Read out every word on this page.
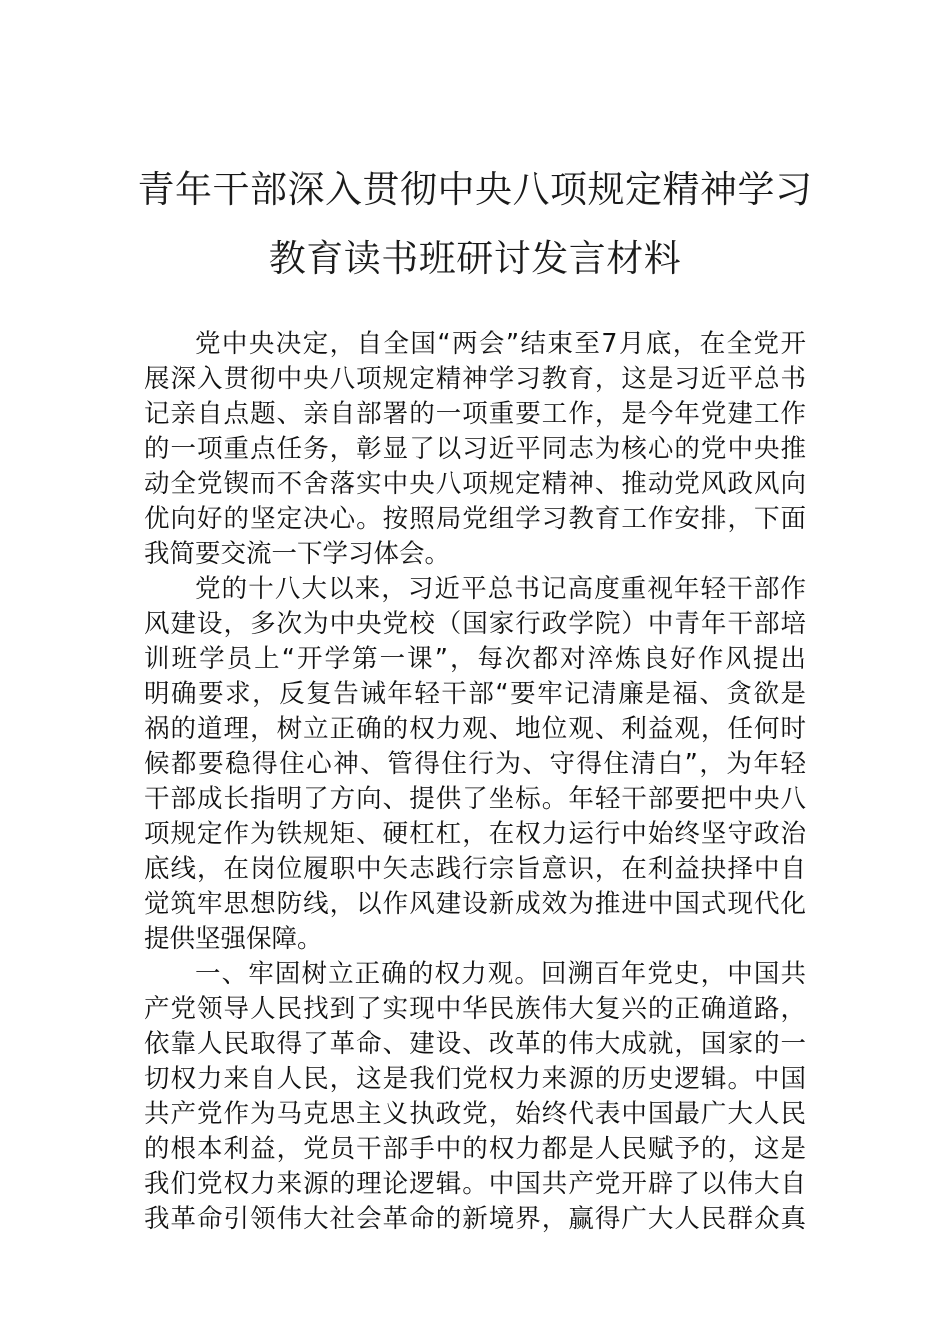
青年干部深入贯彻中央八项规定精神学习
教育读书班研讨发言材料
党中央决定，自全国“两会”结束至7月底，在全党开
展深入贯彻中央八项规定精神学习教育，这是习近平总书
记亲自点题、亲自部署的一项重要工作，是今年党建工作
的一项重点任务，彰显了以习近平同志为核心的党中央推
动全党锲而不舍落实中央八项规定精神、推动党风政风向
优向好的坚定决心。按照局党组学习教育工作安排，下面
我简要交流一下学习体会。
党的十八大以来，习近平总书记高度重视年轻干部作
风建设，多次为中央党校（国家行政学院）中青年干部培
训班学员上“开学第一课”，每次都对淬炼良好作风提出
明确要求，反复告诫年轻干部“要牢记清廉是福、贪欲是
祸的道理，树立正确的权力观、地位观、利益观，任何时
候都要稳得住心神、管得住行为、守得住清白”，为年轻
干部成长指明了方向、提供了坐标。年轻干部要把中央八
项规定作为铁规矩、硬杠杠，在权力运行中始终坚守政治
底线，在岗位履职中矢志践行宗旨意识，在利益抉择中自
觉筑牢思想防线，以作风建设新成效为推进中国式现代化
提供坚强保障。
一、牢固树立正确的权力观。回溯百年党史，中国共
产党领导人民找到了实现中华民族伟大复兴的正确道路，
依靠人民取得了革命、建设、改革的伟大成就，国家的一
切权力来自人民，这是我们党权力来源的历史逻辑。中国
共产党作为马克思主义执政党，始终代表中国最广大人民
的根本利益，党员干部手中的权力都是人民赋予的，这是
我们党权力来源的理论逻辑。中国共产党开辟了以伟大自
我革命引领伟大社会革命的新境界，赢得广大人民群众真
